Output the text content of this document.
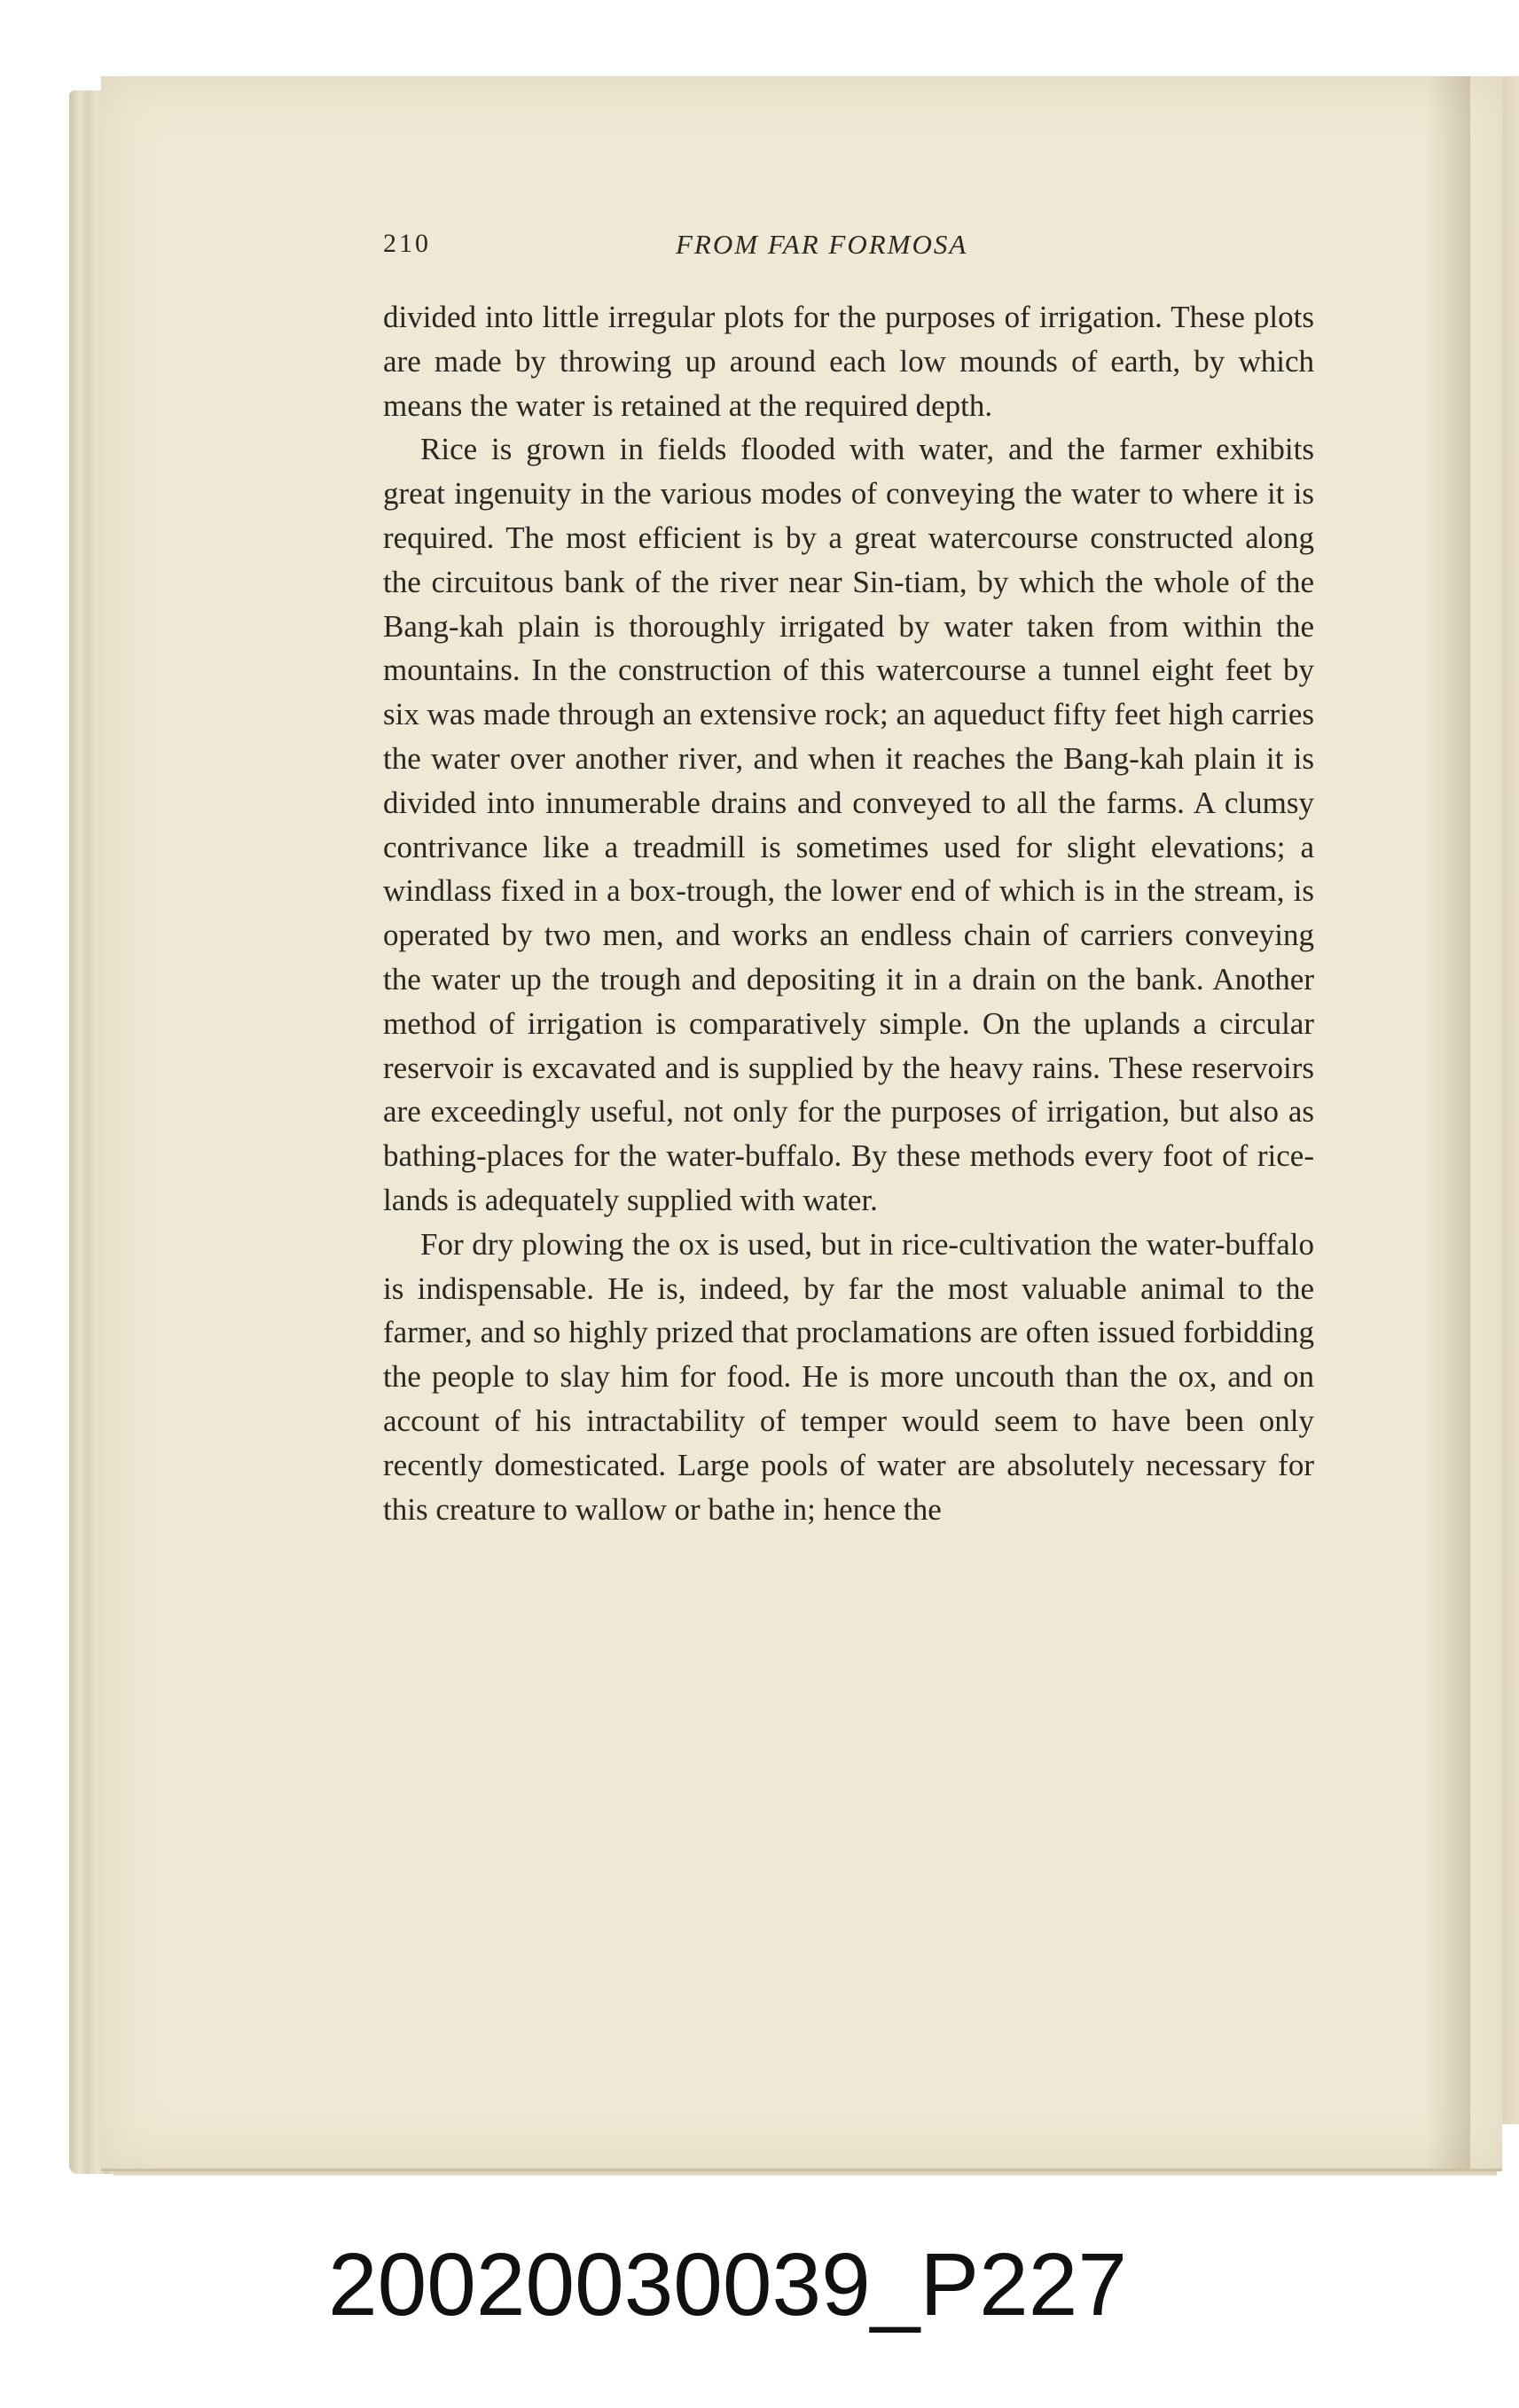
210	FROM FAR FORMOSA

divided into little irregular plots for the purposes of irrigation. These plots are made by throwing up around each low mounds of earth, by which means the water is retained at the required depth.

Rice is grown in fields flooded with water, and the farmer exhibits great ingenuity in the various modes of conveying the water to where it is required. The most efficient is by a great watercourse constructed along the circuitous bank of the river near Sin-tiam, by which the whole of the Bang-kah plain is thoroughly irrigated by water taken from within the mountains. In the construction of this watercourse a tunnel eight feet by six was made through an extensive rock; an aqueduct fifty feet high carries the water over another river, and when it reaches the Bang-kah plain it is divided into innumerable drains and conveyed to all the farms. A clumsy contrivance like a treadmill is sometimes used for slight elevations; a windlass fixed in a box-trough, the lower end of which is in the stream, is operated by two men, and works an endless chain of carriers conveying the water up the trough and depositing it in a drain on the bank. Another method of irrigation is comparatively simple. On the uplands a circular reservoir is excavated and is supplied by the heavy rains. These reservoirs are exceedingly useful, not only for the purposes of irrigation, but also as bathing-places for the water-buffalo. By these methods every foot of rice-lands is adequately supplied with water.

For dry plowing the ox is used, but in rice-cultivation the water-buffalo is indispensable. He is, indeed, by far the most valuable animal to the farmer, and so highly prized that proclamations are often issued forbidding the people to slay him for food. He is more uncouth than the ox, and on account of his intractability of temper would seem to have been only recently domesticated. Large pools of water are absolutely necessary for this creature to wallow or bathe in; hence the

20020030039_P227
